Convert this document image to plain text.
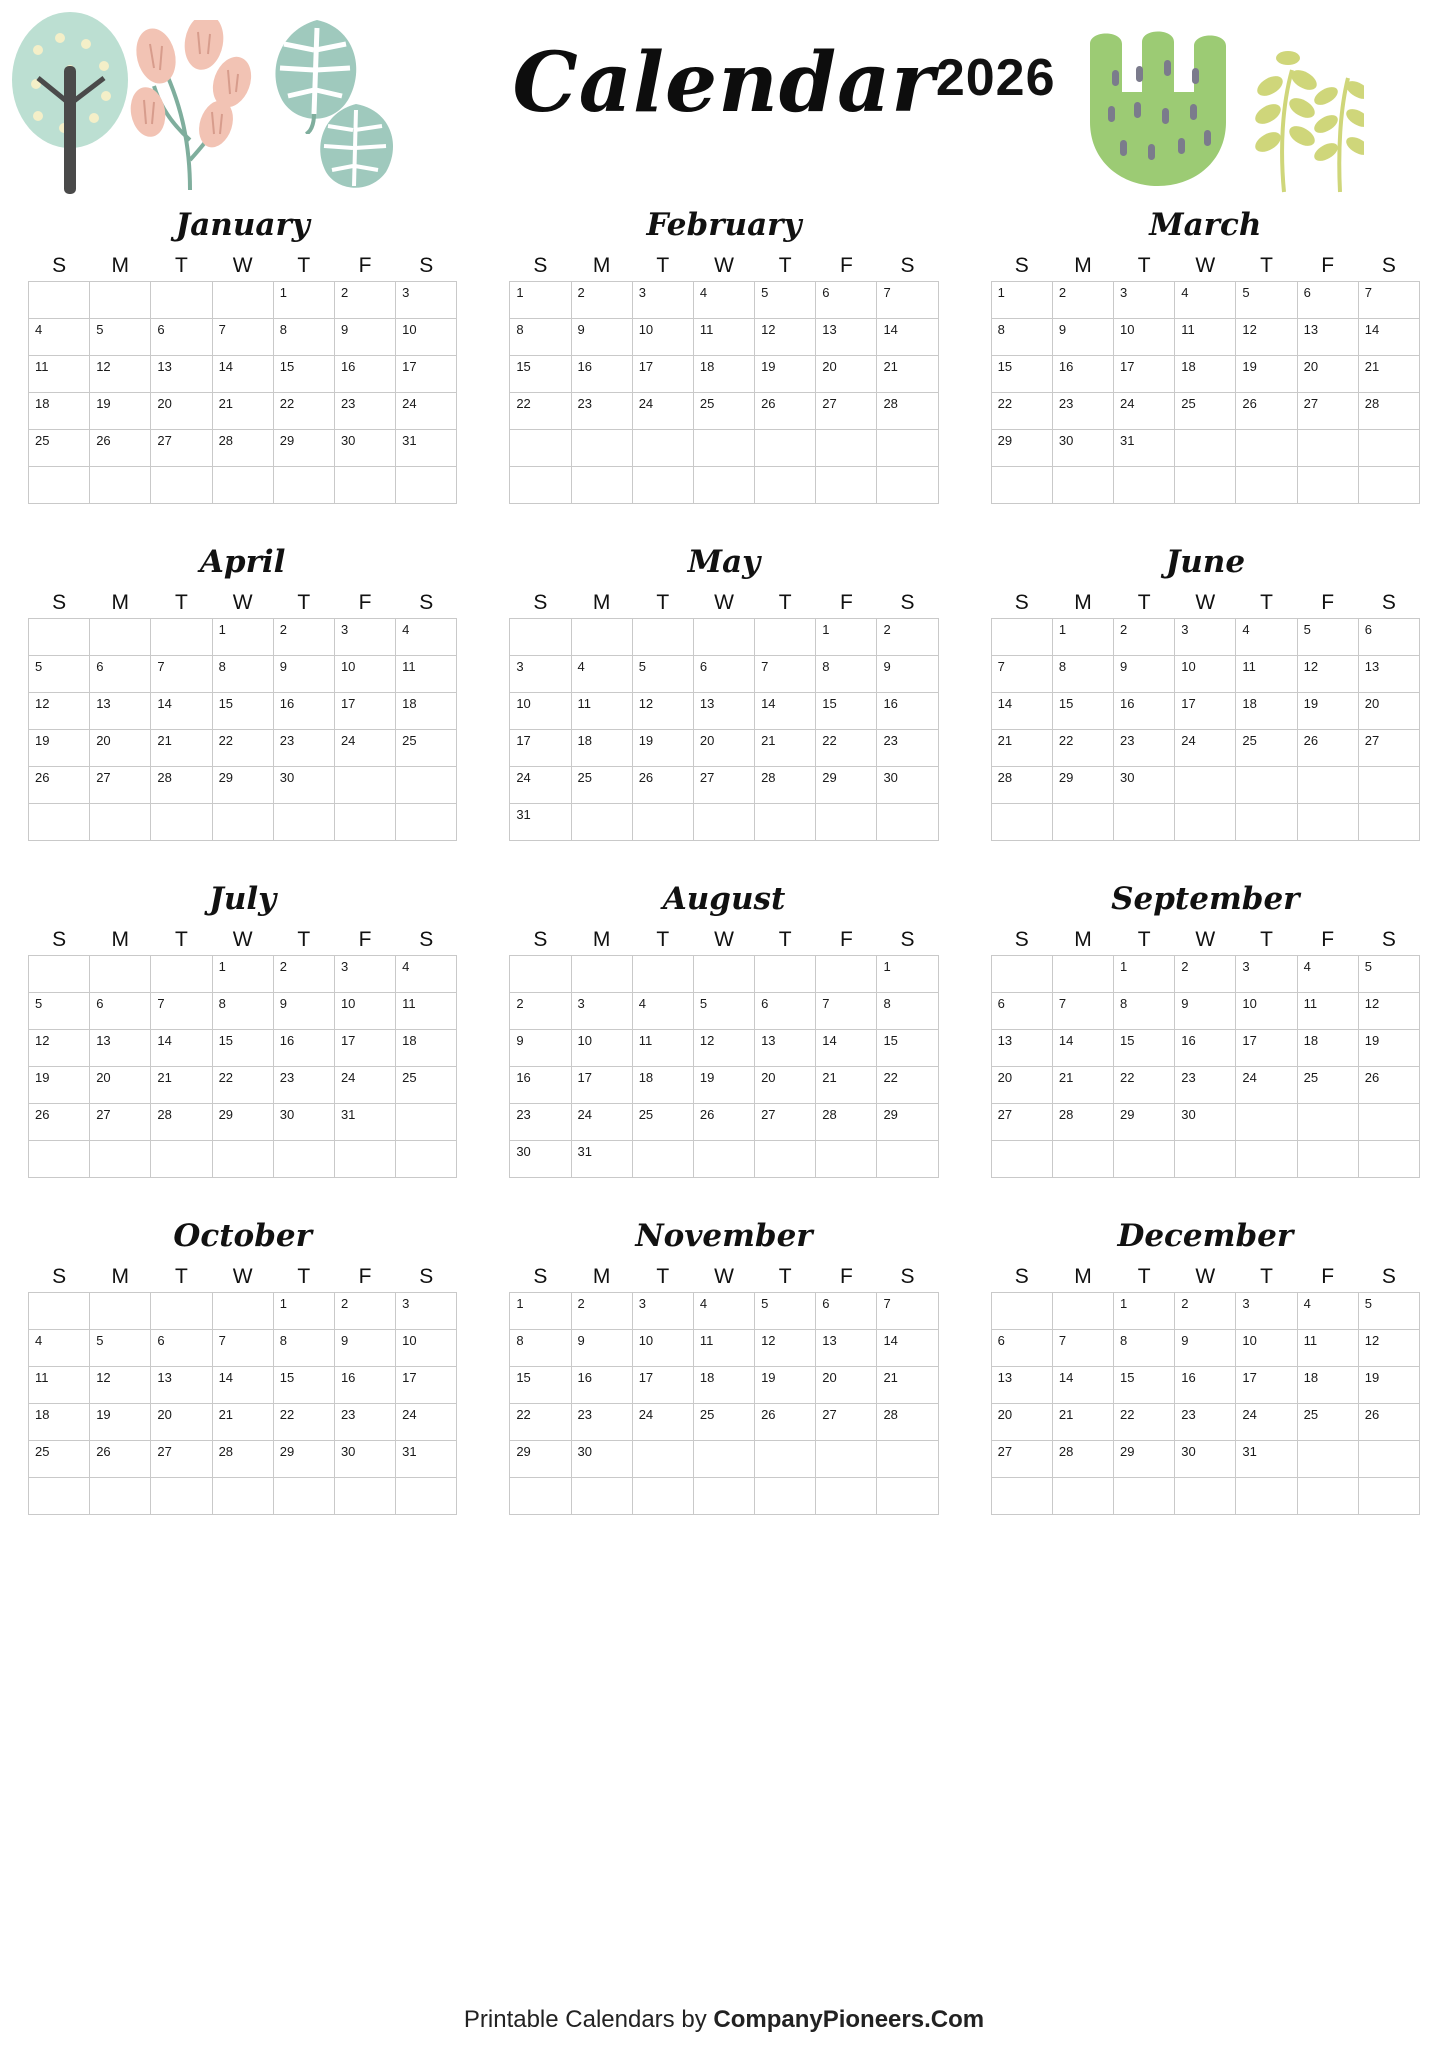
2026
Calendar
January
S	M	T	W	T	F	S
				1	2	3
4	5	6	7	8	9	10
11	12	13	14	15	16	17
18	19	20	21	22	23	24
25	26	27	28	29	30	31

February
S	M	T	W	T	F	S
1	2	3	4	5	6	7
8	9	10	11	12	13	14
15	16	17	18	19	20	21
22	23	24	25	26	27	28

March
S	M	T	W	T	F	S
1	2	3	4	5	6	7
8	9	10	11	12	13	14
15	16	17	18	19	20	21
22	23	24	25	26	27	28
29	30	31				

April
S	M	T	W	T	F	S
			1	2	3	4
5	6	7	8	9	10	11
12	13	14	15	16	17	18
19	20	21	22	23	24	25
26	27	28	29	30		

May
S	M	T	W	T	F	S
					1	2
3	4	5	6	7	8	9
10	11	12	13	14	15	16
17	18	19	20	21	22	23
24	25	26	27	28	29	30
31						
June
S	M	T	W	T	F	S
	1	2	3	4	5	6
7	8	9	10	11	12	13
14	15	16	17	18	19	20
21	22	23	24	25	26	27
28	29	30				

July
S	M	T	W	T	F	S
			1	2	3	4
5	6	7	8	9	10	11
12	13	14	15	16	17	18
19	20	21	22	23	24	25
26	27	28	29	30	31	

August
S	M	T	W	T	F	S
						1
2	3	4	5	6	7	8
9	10	11	12	13	14	15
16	17	18	19	20	21	22
23	24	25	26	27	28	29
30	31					
September
S	M	T	W	T	F	S
		1	2	3	4	5
6	7	8	9	10	11	12
13	14	15	16	17	18	19
20	21	22	23	24	25	26
27	28	29	30			

October
S	M	T	W	T	F	S
				1	2	3
4	5	6	7	8	9	10
11	12	13	14	15	16	17
18	19	20	21	22	23	24
25	26	27	28	29	30	31

November
S	M	T	W	T	F	S
1	2	3	4	5	6	7
8	9	10	11	12	13	14
15	16	17	18	19	20	21
22	23	24	25	26	27	28
29	30					

December
S	M	T	W	T	F	S
		1	2	3	4	5
6	7	8	9	10	11	12
13	14	15	16	17	18	19
20	21	22	23	24	25	26
27	28	29	30	31		

Printable Calendars by CompanyPioneers.Com
